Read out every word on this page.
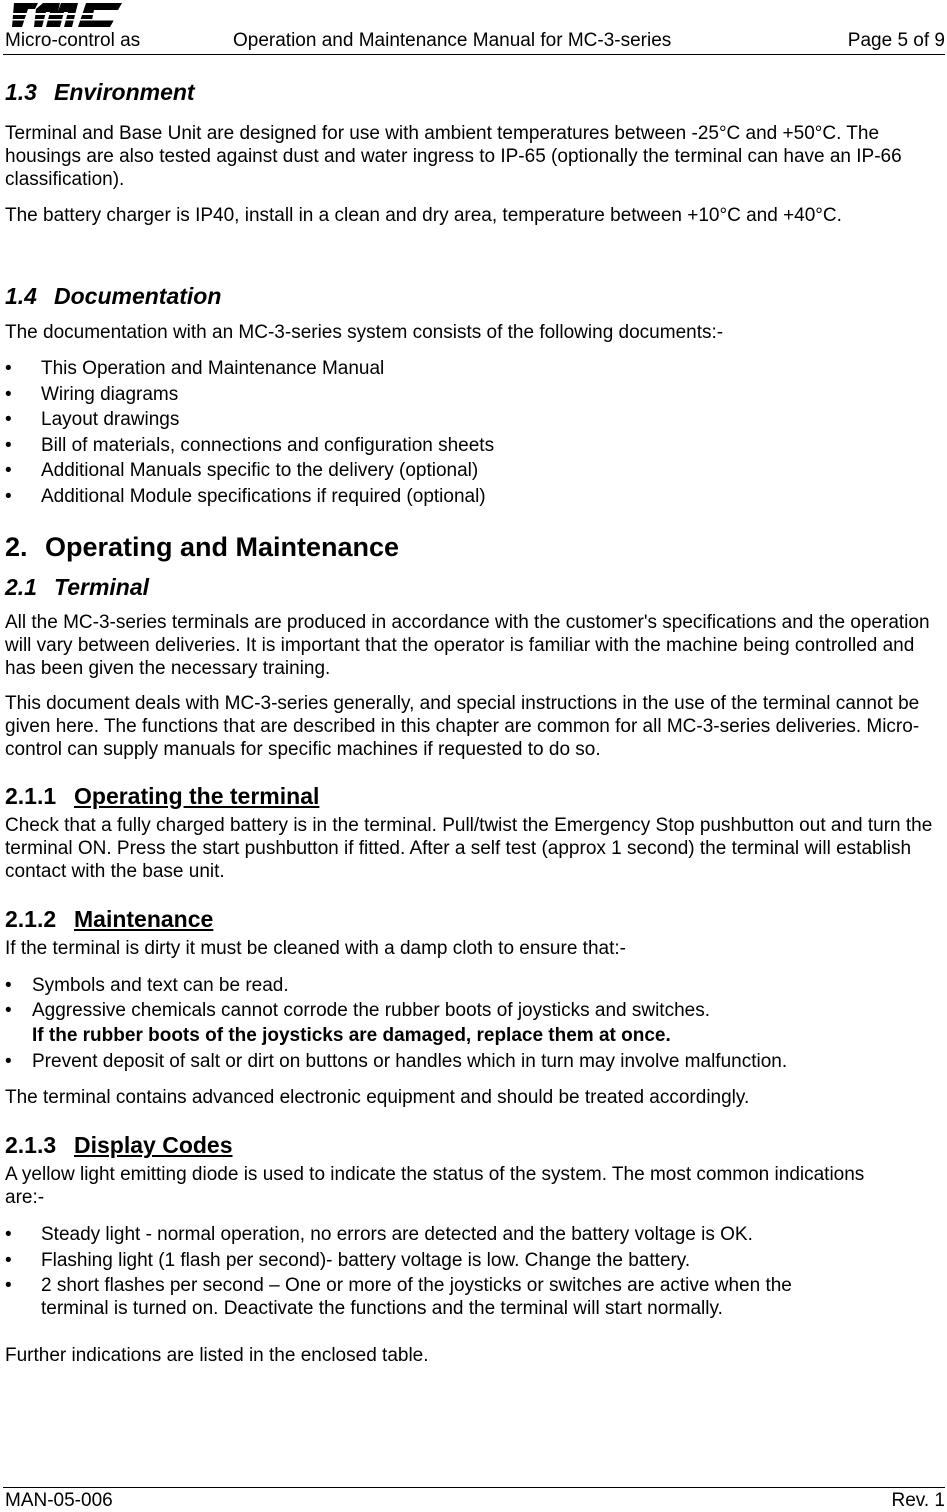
Micro-control as	Operation and Maintenance Manual for MC-3-series	Page 5 of 9
1.3 Environment

Terminal and Base Unit are designed for use with ambient temperatures between -25°C and +50°C. The housings are also tested against dust and water ingress to IP-65 (optionally the terminal can have an IP-66 classification).

The battery charger is IP40, install in a clean and dry area, temperature between +10°C and +40°C.

1.4 Documentation

The documentation with an MC-3-series system consists of the following documents:-

• This Operation and Maintenance Manual
• Wiring diagrams
• Layout drawings
• Bill of materials, connections and configuration sheets
• Additional Manuals specific to the delivery (optional)
• Additional Module specifications if required (optional)
2. Operating and Maintenance
2.1 Terminal

All the MC-3-series terminals are produced in accordance with the customer's specifications and the operation will vary between deliveries. It is important that the operator is familiar with the machine being controlled and has been given the necessary training.

This document deals with MC-3-series generally, and special instructions in the use of the terminal cannot be given here. The functions that are described in this chapter are common for all MC-3-series deliveries. Micro-control can supply manuals for specific machines if requested to do so.

2.1.1 Operating the terminal

Check that a fully charged battery is in the terminal. Pull/twist the Emergency Stop pushbutton out and turn the terminal ON. Press the start pushbutton if fitted. After a self test (approx 1 second) the terminal will establish contact with the base unit.

2.1.2 Maintenance

If the terminal is dirty it must be cleaned with a damp cloth to ensure that:-

• Symbols and text can be read.
• Aggressive chemicals cannot corrode the rubber boots of joysticks and switches.
If the rubber boots of the joysticks are damaged, replace them at once.
• Prevent deposit of salt or dirt on buttons or handles which in turn may involve malfunction.

The terminal contains advanced electronic equipment and should be treated accordingly.

2.1.3 Display Codes

A yellow light emitting diode is used to indicate the status of the system. The most common indications are:-

• Steady light - normal operation, no errors are detected and the battery voltage is OK.
• Flashing light (1 flash per second)- battery voltage is low. Change the battery.
• 2 short flashes per second – One or more of the joysticks or switches are active when the terminal is turned on. Deactivate the functions and the terminal will start normally.

Further indications are listed in the enclosed table.

MAN-05-006	Rev. 1
